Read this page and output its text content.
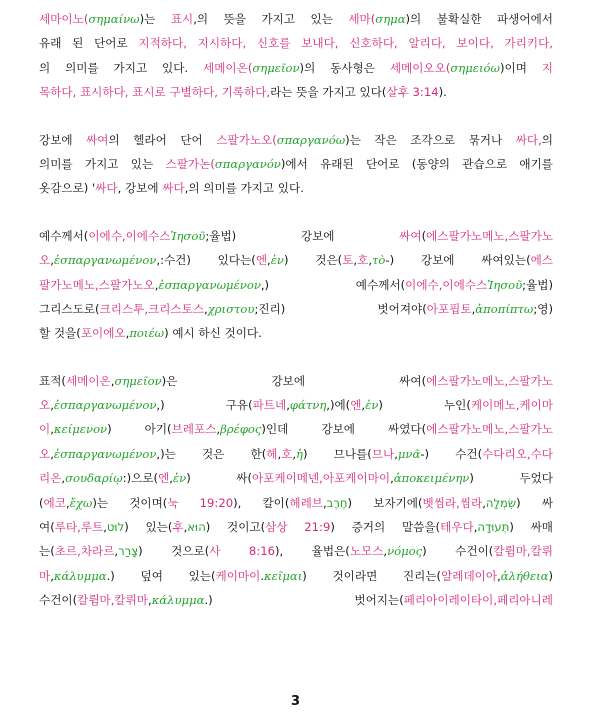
세마이노(σημαίνω)는 표시,의 뜻을 가지고 있는 세마(σημα)의 불확실한 파생어에서
유래 된 단어로 지적하다, 지시하다, 신호를 보내다, 신호하다, 알리다, 보이다, 가리키다,
의 의미를 가지고 있다. 세메이온(σημεῖον)의 동사형은 세메이오오(σημειόω)이며 지
목하다, 표시하다, 표시로 구별하다, 기록하다,라는 뜻을 가지고 있다(살후 3:14).
강보에 싸여의 헬라어 단어 스팔가노오(σπαργανόω)는 작은 조각으로 묶거나 싸다,의
의미를 가지고 있는 스팔가논(σπαργανόν)에서 유래된 단어로 (동양의 관습으로 애기를
옷감으로) '싸다, 강보에 싸다,의 의미를 가지고 있다.
예수께서(이에수,이에수스Ἰησοῦ;율법) 강보에 싸여(에스팔가노메노,스팔가노
오,ἐσπαργανωμένον,:수건) 있다는(엔,ἐν) 것은(토,호,τὸ-) 강보에 싸여있는(에스
팔가노메노,스팔가노오,ἐσπαργανωμένον,) 예수께서(이에수,이에수스Ἰησοῦ;율법)
그리스도로(크리스투,크리스토스,χριστου;진리) 벗어져야(아포핍토,ἀποπίπτω;영)
할 것을(포이에오,ποιέω) 예시 하신 것이다.
표적(세메이온,σημεῖον)은 강보에 싸여(에스팔가노메노,스팔가노
오,ἐσπαργανωμένον,) 구유(파트네,φάτνη,)에(엔,ἐν) 누인(케이메노,케이마
이,κείμενον) 아기(브레포스,βρέφος)인데 강보에 싸였다(에스팔가노메노,스팔가노
오,ἐσπαργανωμένον,)는 것은 한(헤,호,ἡ) 므나를(므나,μνᾶ-) 수건(수다리오,수다
리온,σουδαρίῳ:)으로(엔,ἐν) 싸(아포케이메넨,아포케이마이,ἀποκειμένην) 두었다
(에코,ἔχω)는 것이며(눅 19:20), 칼이(헤레브,חֶרֶב) 보자기에(벳씸라,씸라,שִׂמְלָה) 싸
여(루타,루트,לוּט) 있는(후,הוּא) 것이고(삼상 21:9) 증거의 말씀을(테우다,תְּעוּדָה) 싸매
는(초르,차라르,צָרַר) 것으로(사 8:16), 율법은(노모스,νόμος) 수건이(칼륌마,칼뤼
마,κάλυμμα.) 덮여 있는(케이마이.κεῖμαι) 것이라면 진리는(알레데이아,ἀλήθεια)
수건이(칼륌마,칼뤼마,κάλυμμα.) 벗어지는(페리아이레이타이,페리아니레
3
